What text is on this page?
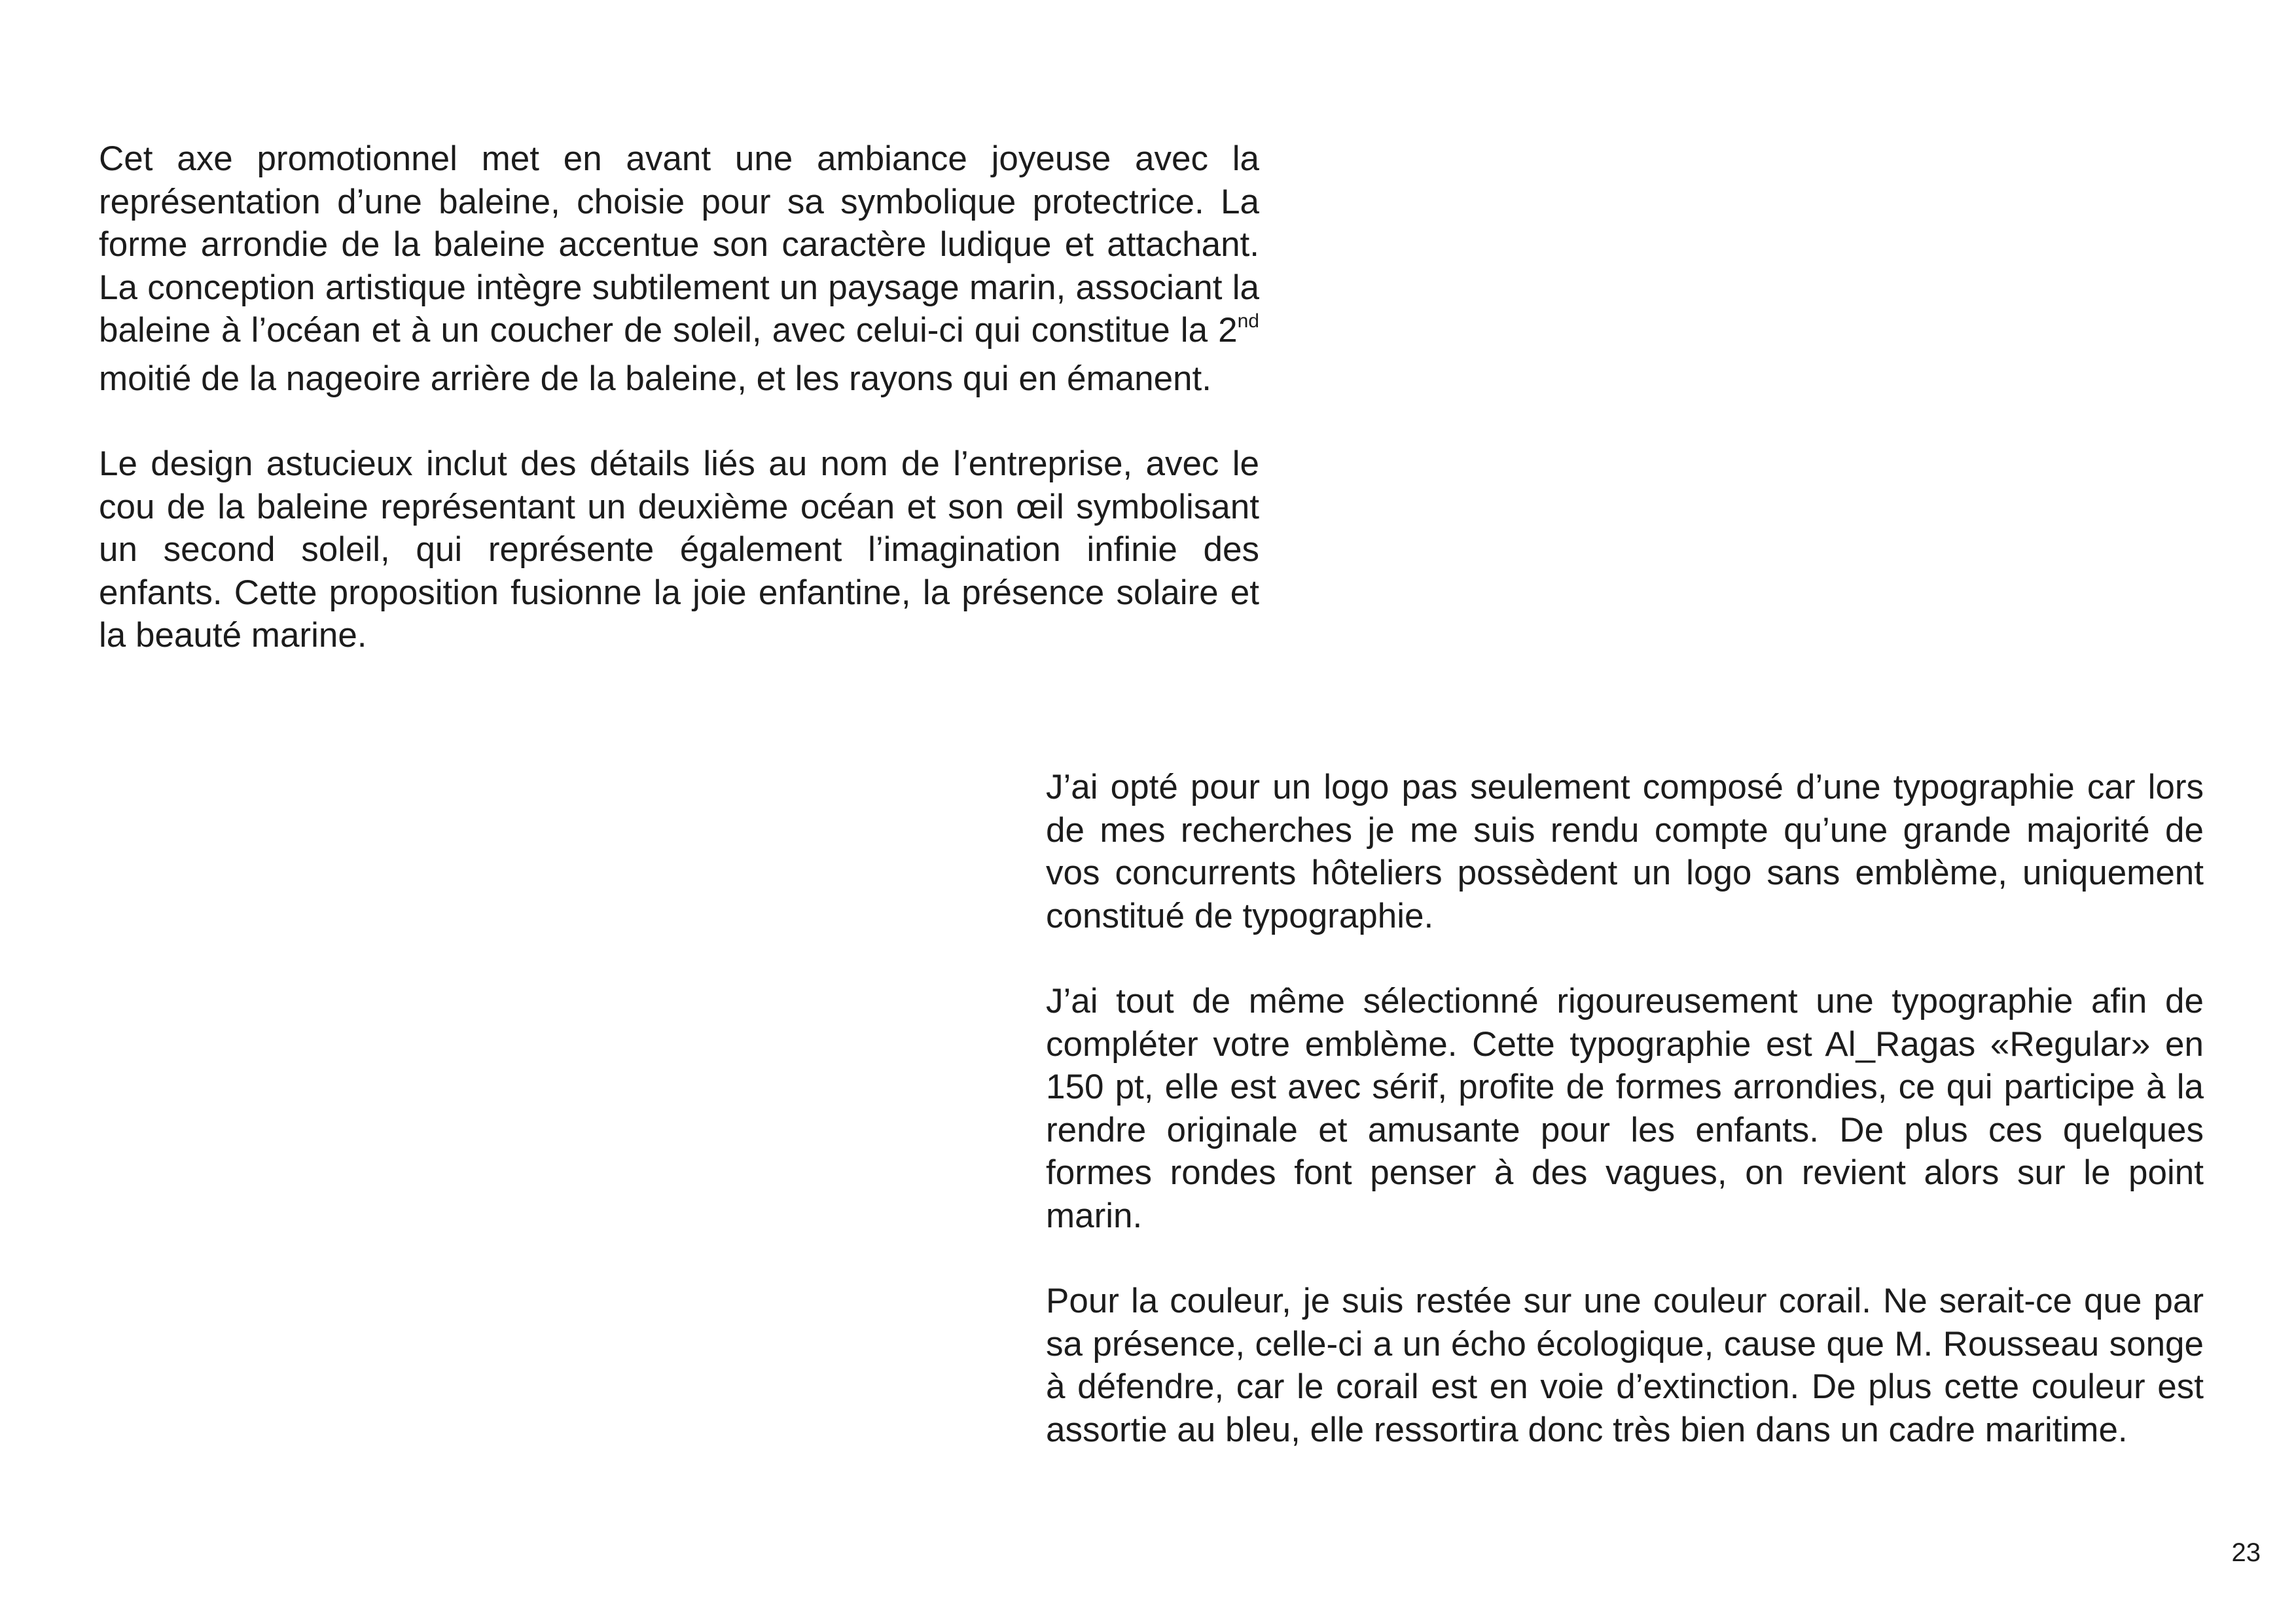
Cet axe promotionnel met en avant une ambiance joyeuse avec la représentation d’une baleine, choisie pour sa symbolique protectrice. La forme arrondie de la baleine accentue son caractère ludique et attachant. La conception artistique intègre subtilement un paysage marin, associant la baleine à l’océan et à un coucher de soleil, avec celui-ci qui constitue la 2nd moitié de la nageoire arrière de la baleine, et les rayons qui en émanent.

Le design astucieux inclut des détails liés au nom de l’entreprise, avec le cou de la baleine représentant un deuxième océan et son œil symbolisant un second soleil, qui représente également l’imagination infinie des enfants. Cette proposition fusionne la joie enfantine, la présence solaire et la beauté marine.

J’ai opté pour un logo pas seulement composé d’une typographie car lors de mes recherches je me suis rendu compte qu’une grande majorité de vos concurrents hôteliers possèdent un logo sans emblème, uniquement constitué de typographie.

J’ai tout de même sélectionné rigoureusement une typographie afin de compléter votre emblème. Cette typographie est Al_Ragas «Regular» en 150 pt, elle est avec sérif, profite de formes arrondies, ce qui participe à la rendre originale et amusante pour les enfants. De plus ces quelques formes rondes font penser à des vagues, on revient alors sur le point marin.

Pour la couleur, je suis restée sur une couleur corail. Ne serait-ce que par sa présence, celle-ci a un écho écologique, cause que M. Rousseau songe à défendre, car le corail est en voie d’extinction. De plus cette couleur est assortie au bleu, elle ressortira donc très bien dans un cadre maritime.

23
